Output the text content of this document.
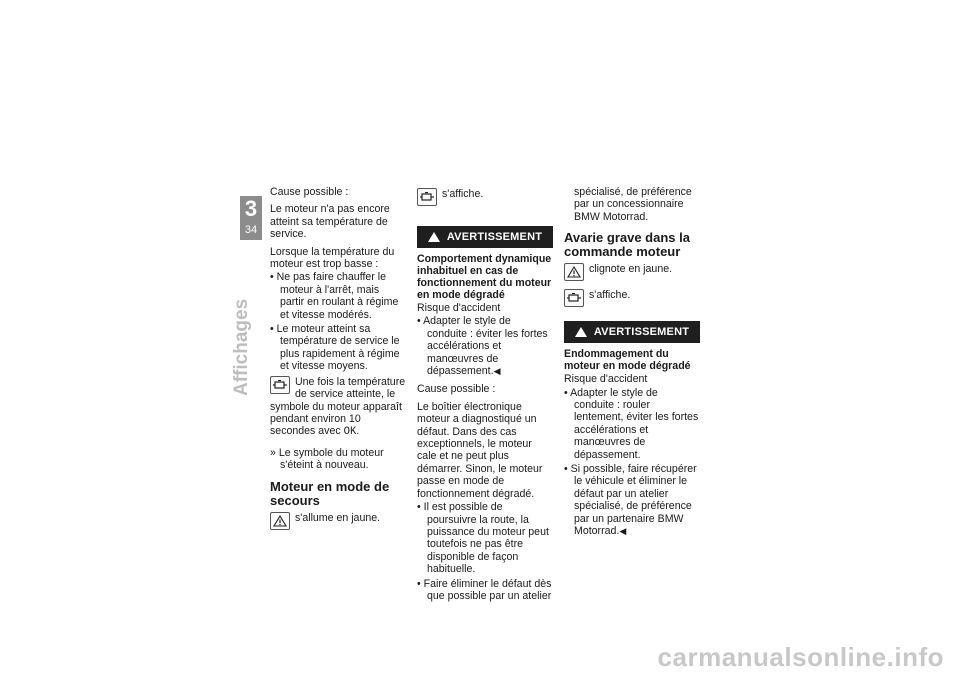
3
34
Affichages

Cause possible :

Le moteur n'a pas encore atteint sa température de service.

Lorsque la température du moteur est trop basse :

• Ne pas faire chauffer le moteur à l'arrêt, mais partir en roulant à régime et vitesse modérés.
• Le moteur atteint sa température de service le plus rapidement à régime et vitesse moyens.
Une fois la température de service atteinte, le symbole du moteur apparaît pendant environ 10 secondes avec OK.

» Le symbole du moteur s'éteint à nouveau.

Moteur en mode de secours
s'allume en jaune.
s'affiche.
AVERTISSEMENT
Comportement dynamique inhabituel en cas de fonctionnement du moteur en mode dégradé

Risque d'accident

• Adapter le style de conduite : éviter les fortes accélérations et manœuvres de dépassement.◀

Cause possible :

Le boîtier électronique moteur a diagnostiqué un défaut. Dans des cas exceptionnels, le moteur cale et ne peut plus démarrer. Sinon, le moteur passe en mode de fonctionnement dégradé.

• Il est possible de poursuivre la route, la puissance du moteur peut toutefois ne pas être disponible de façon habituelle.
• Faire éliminer le défaut dès que possible par un atelier

spécialisé, de préférence par un concessionnaire BMW Motorrad.

Avarie grave dans la commande moteur
clignote en jaune.
s'affiche.
AVERTISSEMENT
Endommagement du moteur en mode dégradé

Risque d'accident

• Adapter le style de conduite : rouler lentement, éviter les fortes accélérations et manœuvres de dépassement.
• Si possible, faire récupérer le véhicule et éliminer le défaut par un atelier spécialisé, de préférence par un partenaire BMW Motorrad.◀
carmanualsonline.info
